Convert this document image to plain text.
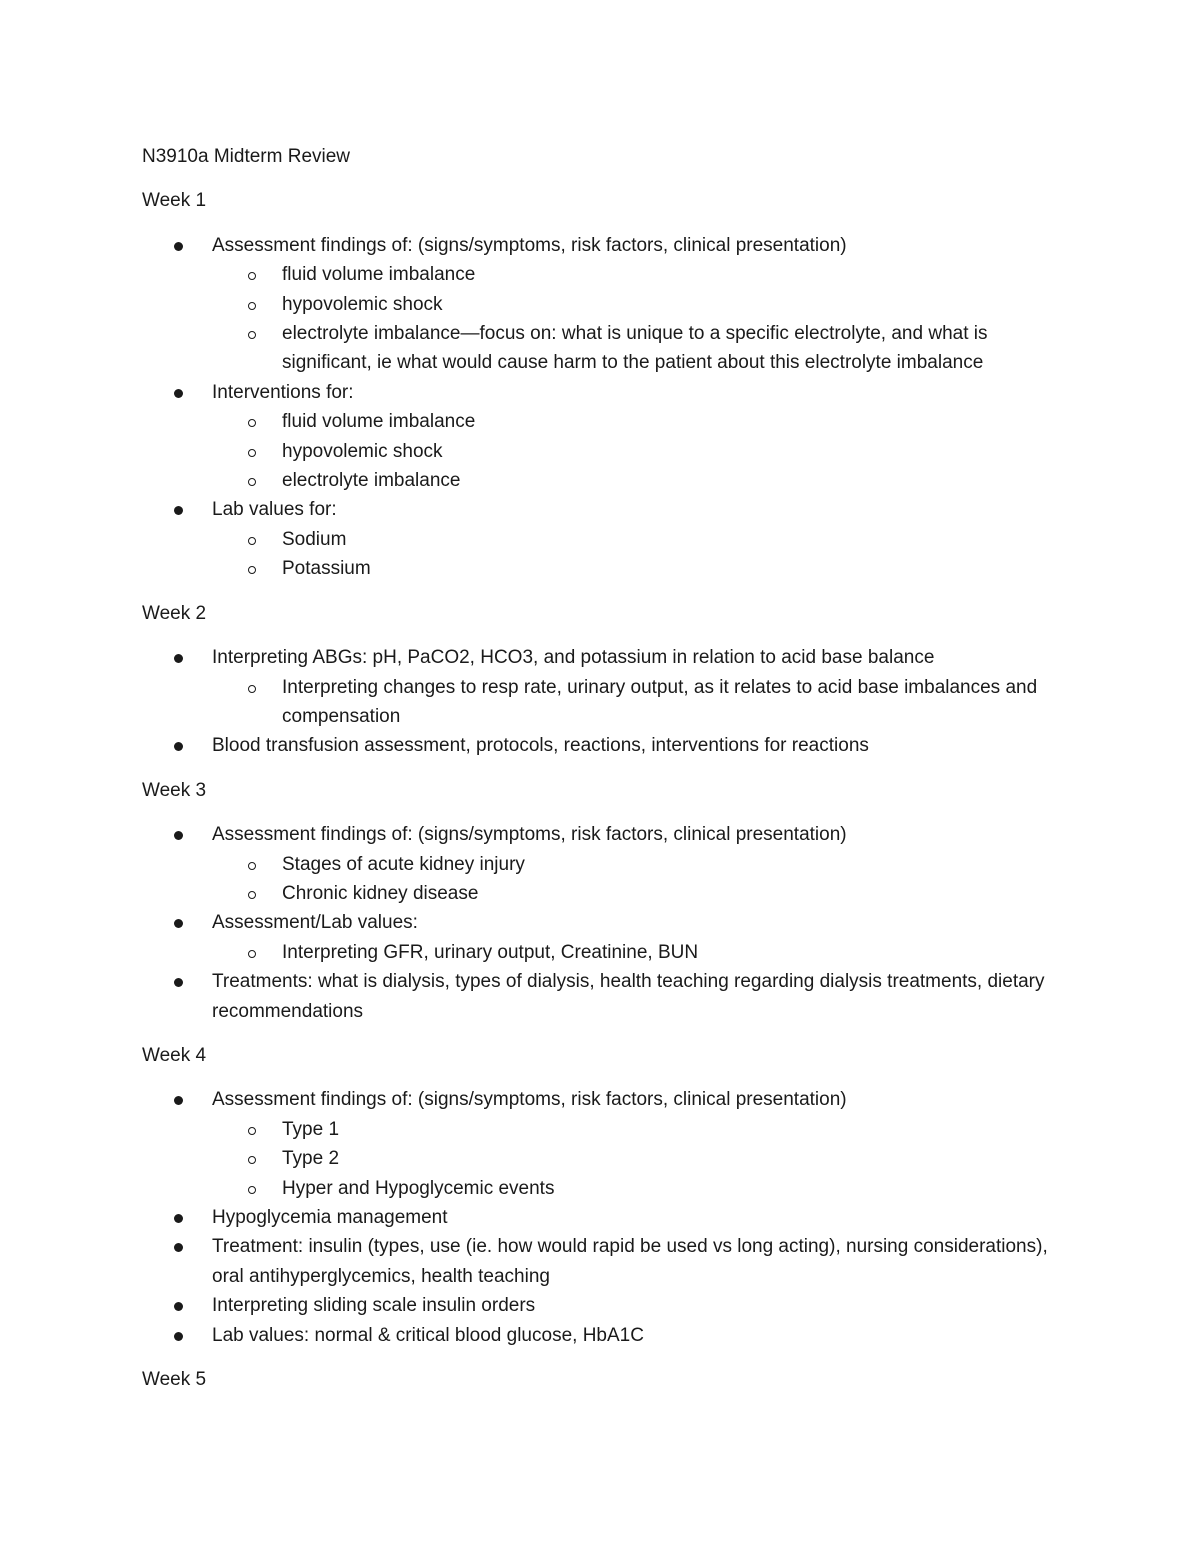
N3910a Midterm Review
Week 1
Assessment findings of: (signs/symptoms, risk factors, clinical presentation)
fluid volume imbalance
hypovolemic shock
electrolyte imbalance—focus on: what is unique to a specific electrolyte, and what is significant, ie what would cause harm to the patient about this electrolyte imbalance
Interventions for:
fluid volume imbalance
hypovolemic shock
electrolyte imbalance
Lab values for:
Sodium
Potassium
Week 2
Interpreting ABGs: pH, PaCO2, HCO3, and potassium in relation to acid base balance
Interpreting changes to resp rate, urinary output, as it relates to acid base imbalances and compensation
Blood transfusion assessment, protocols, reactions, interventions for reactions
Week 3
Assessment findings of: (signs/symptoms, risk factors, clinical presentation)
Stages of acute kidney injury
Chronic kidney disease
Assessment/Lab values:
Interpreting GFR, urinary output, Creatinine, BUN
Treatments: what is dialysis, types of dialysis, health teaching regarding dialysis treatments, dietary recommendations
Week 4
Assessment findings of: (signs/symptoms, risk factors, clinical presentation)
Type 1
Type 2
Hyper and Hypoglycemic events
Hypoglycemia management
Treatment: insulin (types, use (ie. how would rapid be used vs long acting), nursing considerations), oral antihyperglycemics, health teaching
Interpreting sliding scale insulin orders
Lab values: normal & critical blood glucose, HbA1C
Week 5
